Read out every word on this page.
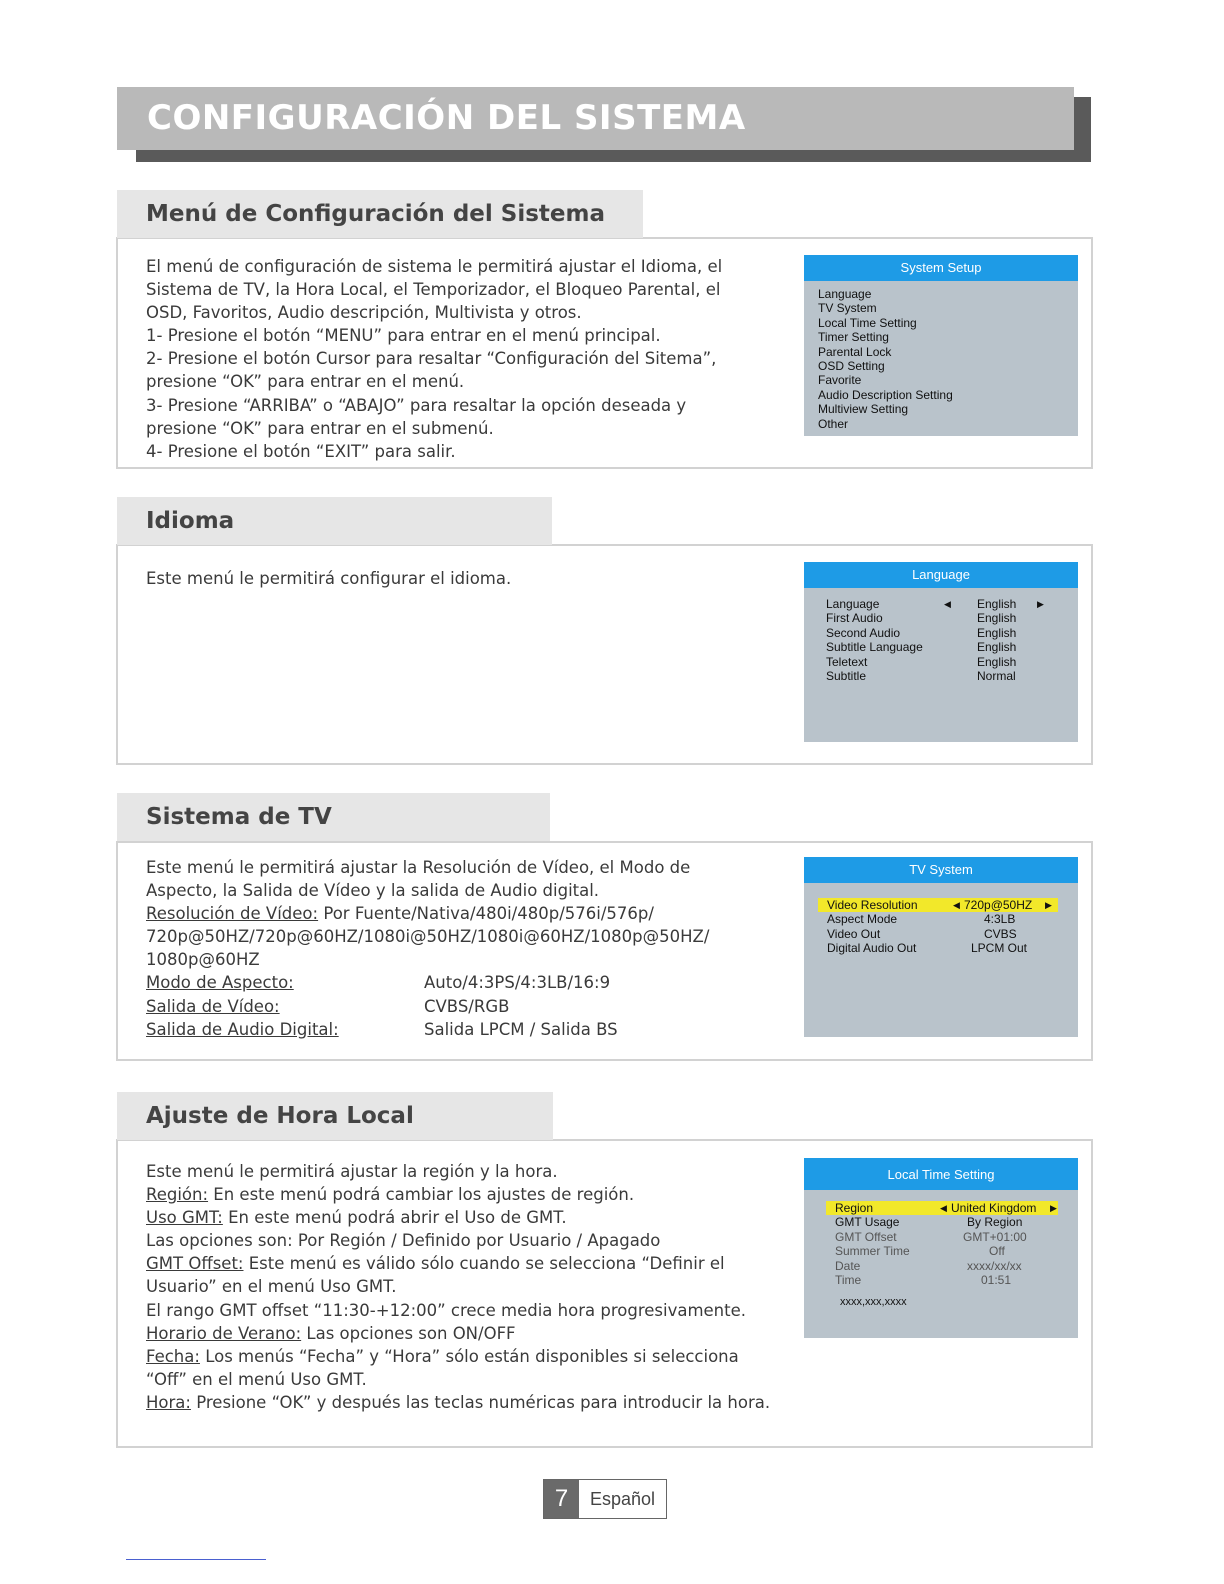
CONFIGURACIÓN DEL SISTEMA
Menú de Configuración del Sistema

El menú de configuración de sistema le permitirá ajustar el Idioma, el

Sistema de TV, la Hora Local, el Temporizador, el Bloqueo Parental, el

OSD, Favoritos, Audio descripción, Multivista y otros.

1- Presione el botón “MENU” para entrar en el menú principal.

2- Presione el botón Cursor para resaltar “Configuración del Sitema”,

presione “OK” para entrar en el menú.

3- Presione “ARRIBA” o “ABAJO” para resaltar la opción deseada y

presione “OK” para entrar en el submenú.

4- Presione el botón “EXIT” para salir.

System Setup
Language
TV System
Local Time Setting
Timer Setting
Parental Lock
OSD Setting
Favorite
Audio Description Setting
Multiview Setting
Other
Idioma

Este menú le permitirá configurar el idioma.	Language
Language	◀ English ▶
First Audio	English
Second Audio	English
Subtitle Language	English
Teletext	English
Subtitle	Normal
Sistema de TV

Este menú le permitirá ajustar la Resolución de Vídeo, el Modo de

Aspecto, la Salida de Vídeo y la salida de Audio digital.

Resolución de Vídeo: Por Fuente/Nativa/480i/480p/576i/576p/

720p@50HZ/720p@60HZ/1080i@50HZ/1080i@60HZ/1080p@50HZ/

1080p@60HZ

Modo de Aspecto:	Auto/4:3PS/4:3LB/16:9

Salida de Vídeo:	CVBS/RGB

Salida de Audio Digital:	Salida LPCM / Salida BS

TV System
Video Resolution	◀ 720p@50HZ ▶
Aspect Mode	4:3LB
Video Out	CVBS
Digital Audio Out	LPCM Out
Ajuste de Hora Local

Este menú le permitirá ajustar la región y la hora.

Región: En este menú podrá cambiar los ajustes de región.

Uso GMT: En este menú podrá abrir el Uso de GMT.

Las opciones son: Por Región / Definido por Usuario / Apagado

GMT Offset: Este menú es válido sólo cuando se selecciona “Definir el

Usuario” en el menú Uso GMT.

El rango GMT offset “11:30-+12:00” crece media hora progresivamente.

Horario de Verano: Las opciones son ON/OFF

Fecha: Los menús “Fecha” y “Hora” sólo están disponibles si selecciona

“Off” en el menú Uso GMT.

Hora: Presione “OK” y después las teclas numéricas para introducir la hora.

Local Time Setting
Region	◀ United Kingdom ▶
GMT Usage	By Region
GMT Offset	GMT+01:00
Summer Time	Off
Date	xxxx/xx/xx
Time	01:51
xxxx,xxx,xxxx
7	Español
